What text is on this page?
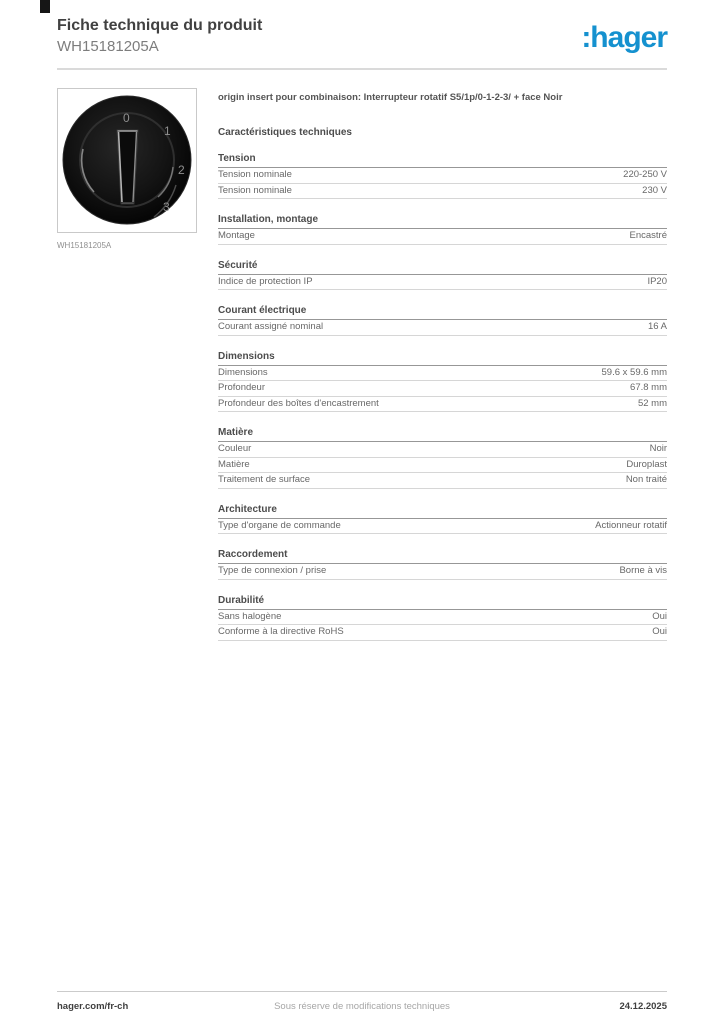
Fiche technique du produit
WH15181205A	:hager
0
1
2
3
WH15181205A
origin insert pour combinaison: Interrupteur rotatif S5/1p/0-1-2-3/ + face Noir
Caractéristiques techniques
Tension
Tension nominale	220-250 V
Tension nominale	230 V
Installation, montage
Montage	Encastré
Sécurité
Indice de protection IP	IP20
Courant électrique
Courant assigné nominal	16 A
Dimensions
Dimensions	59.6 x 59.6 mm
Profondeur	67.8 mm
Profondeur des boîtes d'encastrement	52 mm
Matière
Couleur	Noir
Matière	Duroplast
Traitement de surface	Non traité
Architecture
Type d'organe de commande	Actionneur rotatif
Raccordement
Type de connexion / prise	Borne à vis
Durabilité
Sans halogène	Oui
Conforme à la directive RoHS	Oui
hager.com/fr-ch	Sous réserve de modifications techniques	24.12.2025
